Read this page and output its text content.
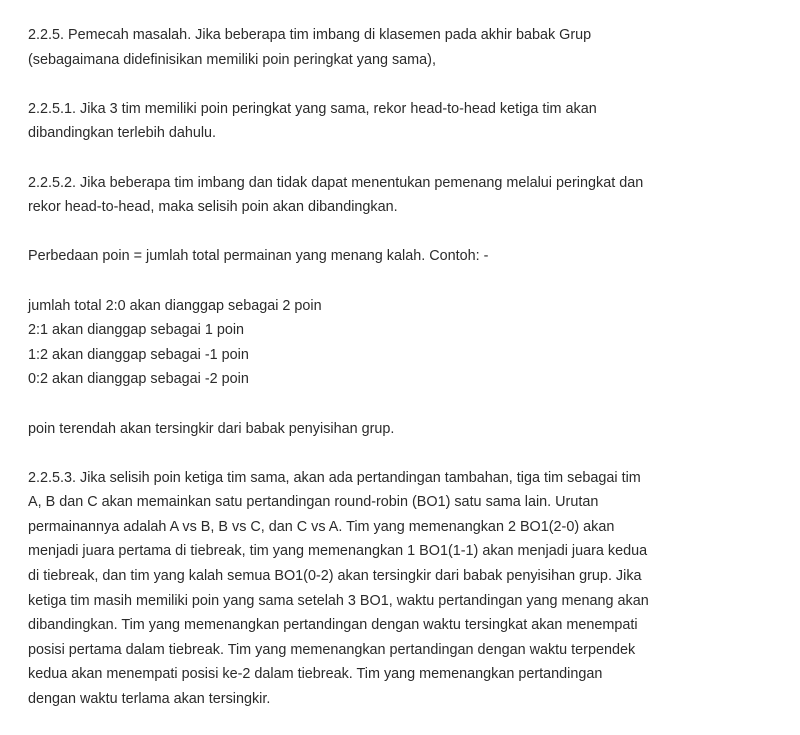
2.2.5. Pemecah masalah. Jika beberapa tim imbang di klasemen pada akhir babak Grup

(sebagaimana didefinisikan memiliki poin peringkat yang sama),

2.2.5.1. Jika 3 tim memiliki poin peringkat yang sama, rekor head-to-head ketiga tim akan

dibandingkan terlebih dahulu.

2.2.5.2. Jika beberapa tim imbang dan tidak dapat menentukan pemenang melalui peringkat dan

rekor head-to-head, maka selisih poin akan dibandingkan.

Perbedaan poin = jumlah total permainan yang menang kalah. Contoh: -

jumlah total 2:0 akan dianggap sebagai 2 poin

2:1 akan dianggap sebagai 1 poin

1:2 akan dianggap sebagai -1 poin

0:2 akan dianggap sebagai -2 poin

poin terendah akan tersingkir dari babak penyisihan grup.

2.2.5.3. Jika selisih poin ketiga tim sama, akan ada pertandingan tambahan, tiga tim sebagai tim

A, B dan C akan memainkan satu pertandingan round-robin (BO1) satu sama lain. Urutan

permainannya adalah A vs B, B vs C, dan C vs A. Tim yang memenangkan 2 BO1(2-0) akan

menjadi juara pertama di tiebreak, tim yang memenangkan 1 BO1(1-1) akan menjadi juara kedua

di tiebreak, dan tim yang kalah semua BO1(0-2) akan tersingkir dari babak penyisihan grup. Jika

ketiga tim masih memiliki poin yang sama setelah 3 BO1, waktu pertandingan yang menang akan

dibandingkan. Tim yang memenangkan pertandingan dengan waktu tersingkat akan menempati

posisi pertama dalam tiebreak. Tim yang memenangkan pertandingan dengan waktu terpendek

kedua akan menempati posisi ke-2 dalam tiebreak. Tim yang memenangkan pertandingan

dengan waktu terlama akan tersingkir.
